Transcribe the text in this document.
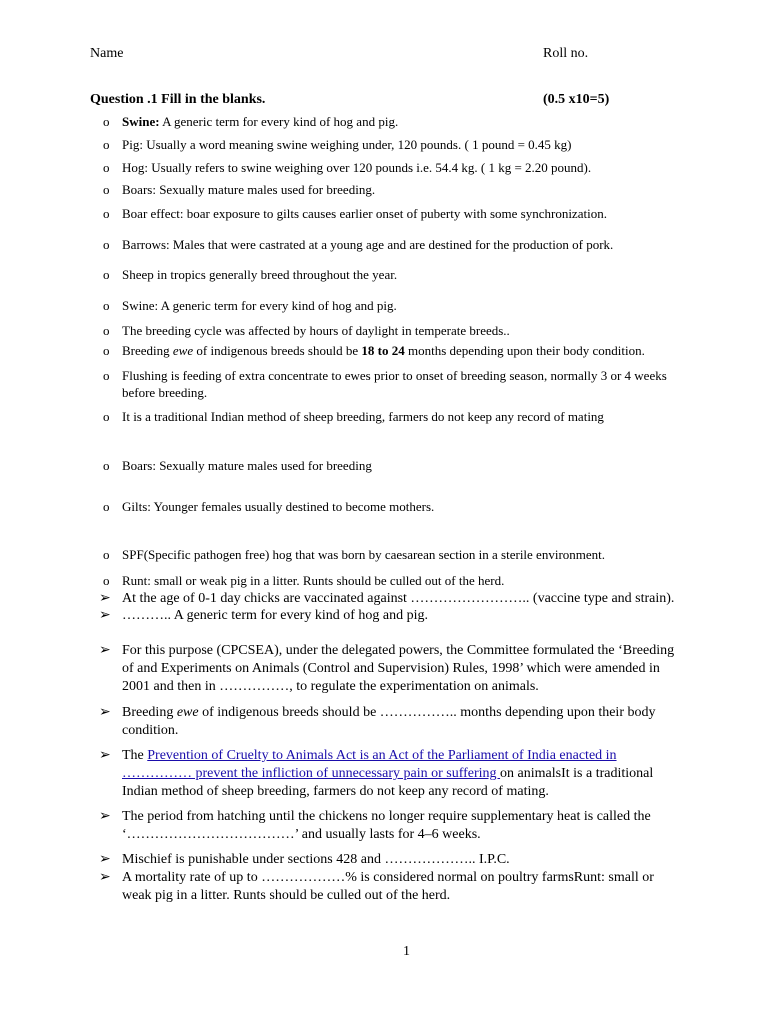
Name	Roll no.
Question .1 Fill in the blanks.	(0.5 x10=5)
o Swine: A generic term for every kind of hog and pig.
o Pig: Usually a word meaning swine weighing under, 120 pounds. ( 1 pound = 0.45 kg)
o Hog: Usually refers to swine weighing over 120 pounds i.e. 54.4 kg. ( 1 kg = 2.20 pound).
o Boars: Sexually mature males used for breeding.
o Boar effect: boar exposure to gilts causes earlier onset of puberty with some synchronization.
o Barrows: Males that were castrated at a young age and are destined for the production of pork.
o Sheep in tropics generally breed throughout the year.
o Swine: A generic term for every kind of hog and pig.
o The breeding cycle was affected by hours of daylight in temperate breeds..
o Breeding ewe of indigenous breeds should be 18 to 24 months depending upon their body condition.
o Flushing is feeding of extra concentrate to ewes prior to onset of breeding season, normally 3 or 4 weeks
before breeding.
o It is a traditional Indian method of sheep breeding, farmers do not keep any record of mating
o Boars: Sexually mature males used for breeding
o Gilts: Younger females usually destined to become mothers.
o SPF(Specific pathogen free) hog that was born by caesarean section in a sterile environment.
o Runt: small or weak pig in a litter. Runts should be culled out of the herd.
➢ At the age of 0-1 day chicks are vaccinated against …………………….. (vaccine type and strain).
➢ ……….. A generic term for every kind of hog and pig.
➢ For this purpose (CPCSEA), under the delegated powers, the Committee formulated the ‘Breeding
of and Experiments on Animals (Control and Supervision) Rules, 1998’ which were amended in
2001 and then in ……………, to regulate the experimentation on animals.
➢ Breeding ewe of indigenous breeds should be …………….. months depending upon their body
condition.
➢ The Prevention of Cruelty to Animals Act is an Act of the Parliament of India enacted in
…………… prevent the infliction of unnecessary pain or suffering on animalsIt is a traditional
Indian method of sheep breeding, farmers do not keep any record of mating.
➢ The period from hatching until the chickens no longer require supplementary heat is called the
‘………………………………’ and usually lasts for 4–6 weeks.
➢ Mischief is punishable under sections 428 and ……………….. I.P.C.
➢ A mortality rate of up to ………………% is considered normal on poultry farmsRunt: small or
weak pig in a litter. Runts should be culled out of the herd.
1
